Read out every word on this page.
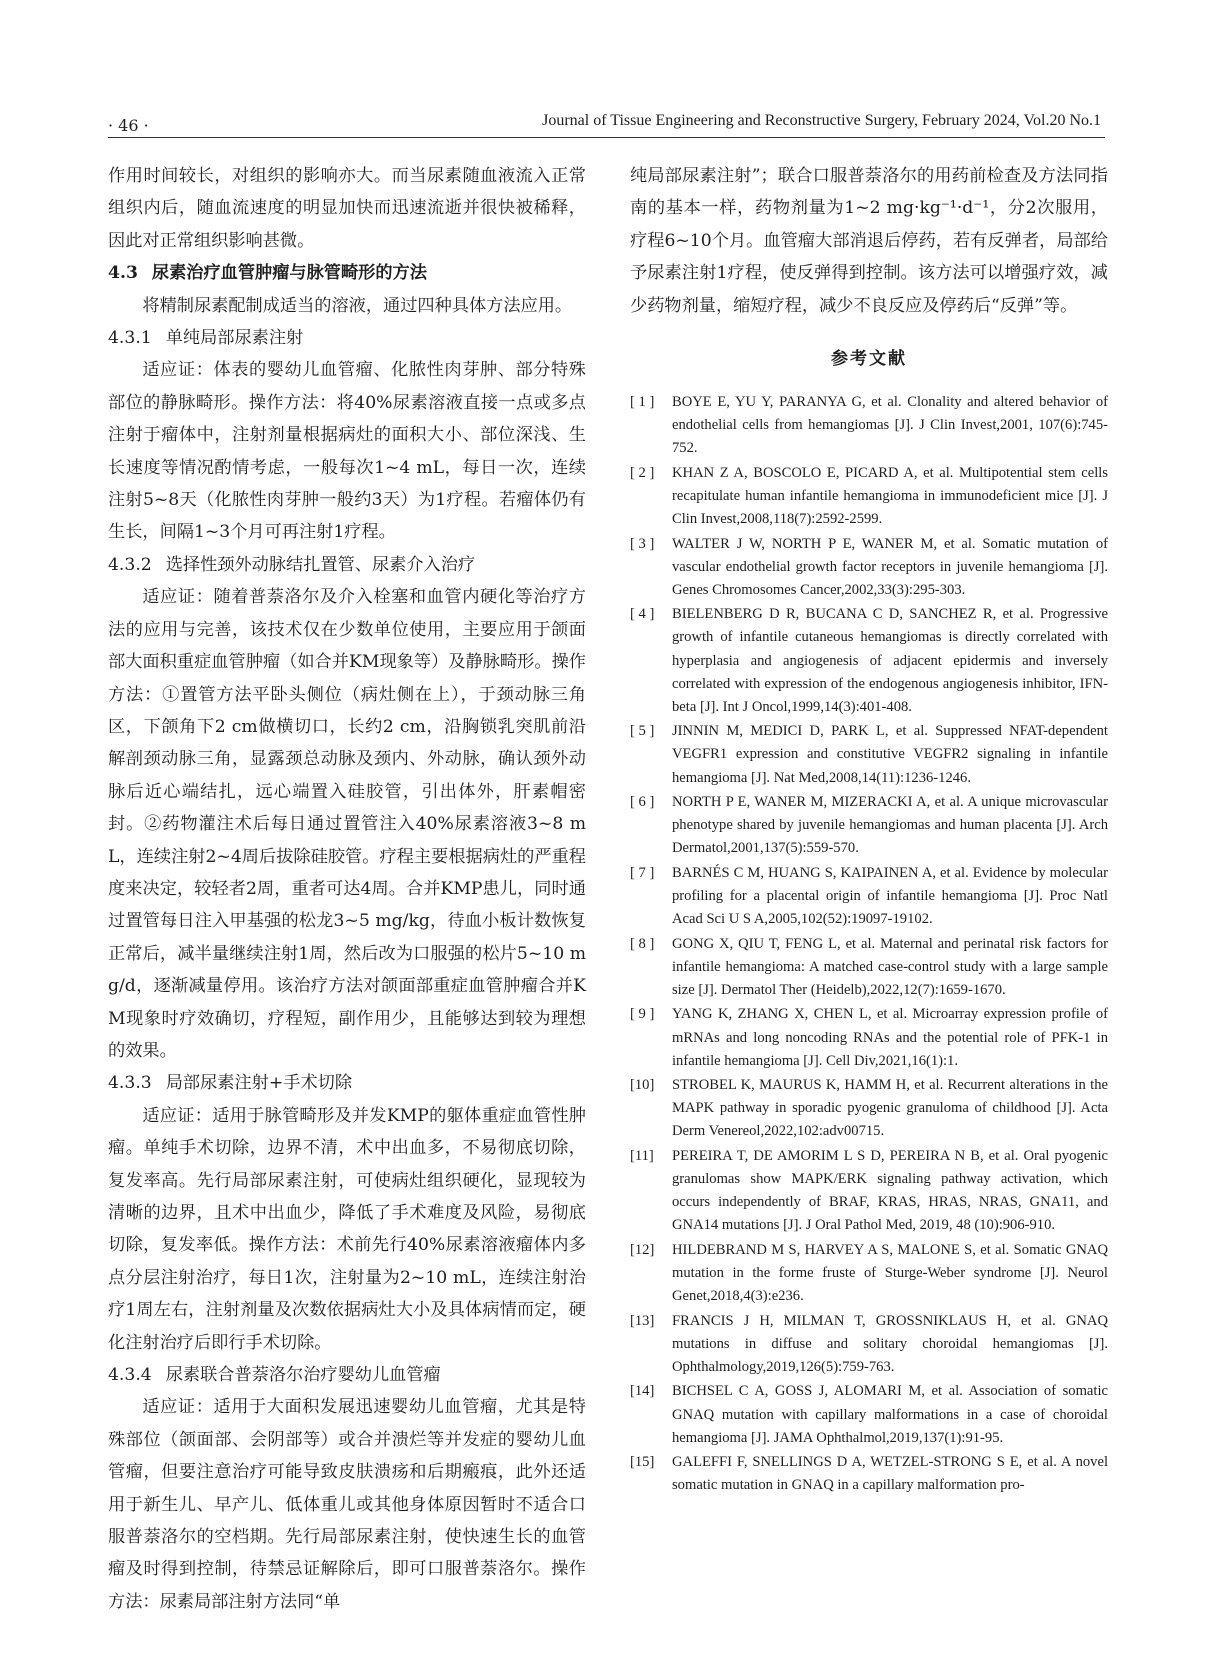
· 46 ·	Journal of Tissue Engineering and Reconstructive Surgery, February 2024, Vol.20 No.1

作用时间较长，对组织的影响亦大。而当尿素随血液流入正常组织内后，随血流速度的明显加快而迅速流逝并很快被稀释，因此对正常组织影响甚微。

4.3 尿素治疗血管肿瘤与脉管畸形的方法

将精制尿素配制成适当的溶液，通过四种具体方法应用。

4.3.1 单纯局部尿素注射

适应证：体表的婴幼儿血管瘤、化脓性肉芽肿、部分特殊部位的静脉畸形。操作方法：将40%尿素溶液直接一点或多点注射于瘤体中，注射剂量根据病灶的面积大小、部位深浅、生长速度等情况酌情考虑，一般每次1~4 mL，每日一次，连续注射5~8天（化脓性肉芽肿一般约3天）为1疗程。若瘤体仍有生长，间隔1~3个月可再注射1疗程。

4.3.2 选择性颈外动脉结扎置管、尿素介入治疗

适应证：随着普萘洛尔及介入栓塞和血管内硬化等治疗方法的应用与完善，该技术仅在少数单位使用，主要应用于颌面部大面积重症血管肿瘤（如合并KM现象等）及静脉畸形。操作方法：①置管方法平卧头侧位（病灶侧在上），于颈动脉三角区，下颌角下2 cm做横切口，长约2 cm，沿胸锁乳突肌前沿解剖颈动脉三角，显露颈总动脉及颈内、外动脉，确认颈外动脉后近心端结扎，远心端置入硅胶管，引出体外，肝素帽密封。②药物灌注术后每日通过置管注入40%尿素溶液3~8 mL，连续注射2~4周后拔除硅胶管。疗程主要根据病灶的严重程度来决定，较轻者2周，重者可达4周。合并KMP患儿，同时通过置管每日注入甲基强的松龙3~5 mg/kg，待血小板计数恢复正常后，减半量继续注射1周，然后改为口服强的松片5~10 mg/d，逐渐减量停用。该治疗方法对颌面部重症血管肿瘤合并KM现象时疗效确切，疗程短，副作用少，且能够达到较为理想的效果。

4.3.3 局部尿素注射+手术切除

适应证：适用于脉管畸形及并发KMP的躯体重症血管性肿瘤。单纯手术切除，边界不清，术中出血多，不易彻底切除，复发率高。先行局部尿素注射，可使病灶组织硬化，显现较为清晰的边界，且术中出血少，降低了手术难度及风险，易彻底切除，复发率低。操作方法：术前先行40%尿素溶液瘤体内多点分层注射治疗，每日1次，注射量为2~10 mL，连续注射治疗1周左右，注射剂量及次数依据病灶大小及具体病情而定，硬化注射治疗后即行手术切除。

4.3.4 尿素联合普萘洛尔治疗婴幼儿血管瘤

适应证：适用于大面积发展迅速婴幼儿血管瘤，尤其是特殊部位（颌面部、会阴部等）或合并溃烂等并发症的婴幼儿血管瘤，但要注意治疗可能导致皮肤溃疡和后期瘢痕，此外还适用于新生儿、早产儿、低体重儿或其他身体原因暂时不适合口服普萘洛尔的空档期。先行局部尿素注射，使快速生长的血管瘤及时得到控制，待禁忌证解除后，即可口服普萘洛尔。操作方法：尿素局部注射方法同“单

纯局部尿素注射”；联合口服普萘洛尔的用药前检查及方法同指南的基本一样，药物剂量为1~2 mg·kg⁻¹·d⁻¹，分2次服用，疗程6~10个月。血管瘤大部消退后停药，若有反弹者，局部给予尿素注射1疗程，使反弹得到控制。该方法可以增强疗效，减少药物剂量，缩短疗程，减少不良反应及停药后“反弹”等。

参考文献
[ 1 ]	BOYE E, YU Y, PARANYA G, et al. Clonality and altered behavior of endothelial cells from hemangiomas [J]. J Clin Invest,2001, 107(6):745-752.
[ 2 ]	KHAN Z A, BOSCOLO E, PICARD A, et al. Multipotential stem cells recapitulate human infantile hemangioma in immunodeficient mice [J]. J Clin Invest,2008,118(7):2592-2599.
[ 3 ]	WALTER J W, NORTH P E, WANER M, et al. Somatic mutation of vascular endothelial growth factor receptors in juvenile hemangioma [J]. Genes Chromosomes Cancer,2002,33(3):295-303.
[ 4 ]	BIELENBERG D R, BUCANA C D, SANCHEZ R, et al. Progressive growth of infantile cutaneous hemangiomas is directly correlated with hyperplasia and angiogenesis of adjacent epidermis and inversely correlated with expression of the endogenous angiogenesis inhibitor, IFN-beta [J]. Int J Oncol,1999,14(3):401-408.
[ 5 ]	JINNIN M, MEDICI D, PARK L, et al. Suppressed NFAT-dependent VEGFR1 expression and constitutive VEGFR2 signaling in infantile hemangioma [J]. Nat Med,2008,14(11):1236-1246.
[ 6 ]	NORTH P E, WANER M, MIZERACKI A, et al. A unique microvascular phenotype shared by juvenile hemangiomas and human placenta [J]. Arch Dermatol,2001,137(5):559-570.
[ 7 ]	BARNÉS C M, HUANG S, KAIPAINEN A, et al. Evidence by molecular profiling for a placental origin of infantile hemangioma [J]. Proc Natl Acad Sci U S A,2005,102(52):19097-19102.
[ 8 ]	GONG X, QIU T, FENG L, et al. Maternal and perinatal risk factors for infantile hemangioma: A matched case-control study with a large sample size [J]. Dermatol Ther (Heidelb),2022,12(7):1659-1670.
[ 9 ]	YANG K, ZHANG X, CHEN L, et al. Microarray expression profile of mRNAs and long noncoding RNAs and the potential role of PFK-1 in infantile hemangioma [J]. Cell Div,2021,16(1):1.
[10]	STROBEL K, MAURUS K, HAMM H, et al. Recurrent alterations in the MAPK pathway in sporadic pyogenic granuloma of childhood [J]. Acta Derm Venereol,2022,102:adv00715.
[11]	PEREIRA T, DE AMORIM L S D, PEREIRA N B, et al. Oral pyogenic granulomas show MAPK/ERK signaling pathway activation, which occurs independently of BRAF, KRAS, HRAS, NRAS, GNA11, and GNA14 mutations [J]. J Oral Pathol Med, 2019, 48 (10):906-910.
[12]	HILDEBRAND M S, HARVEY A S, MALONE S, et al. Somatic GNAQ mutation in the forme fruste of Sturge-Weber syndrome [J]. Neurol Genet,2018,4(3):e236.
[13]	FRANCIS J H, MILMAN T, GROSSNIKLAUS H, et al. GNAQ mutations in diffuse and solitary choroidal hemangiomas [J]. Ophthalmology,2019,126(5):759-763.
[14]	BICHSEL C A, GOSS J, ALOMARI M, et al. Association of somatic GNAQ mutation with capillary malformations in a case of choroidal hemangioma [J]. JAMA Ophthalmol,2019,137(1):91-95.
[15]	GALEFFI F, SNELLINGS D A, WETZEL-STRONG S E, et al. A novel somatic mutation in GNAQ in a capillary malformation pro-
